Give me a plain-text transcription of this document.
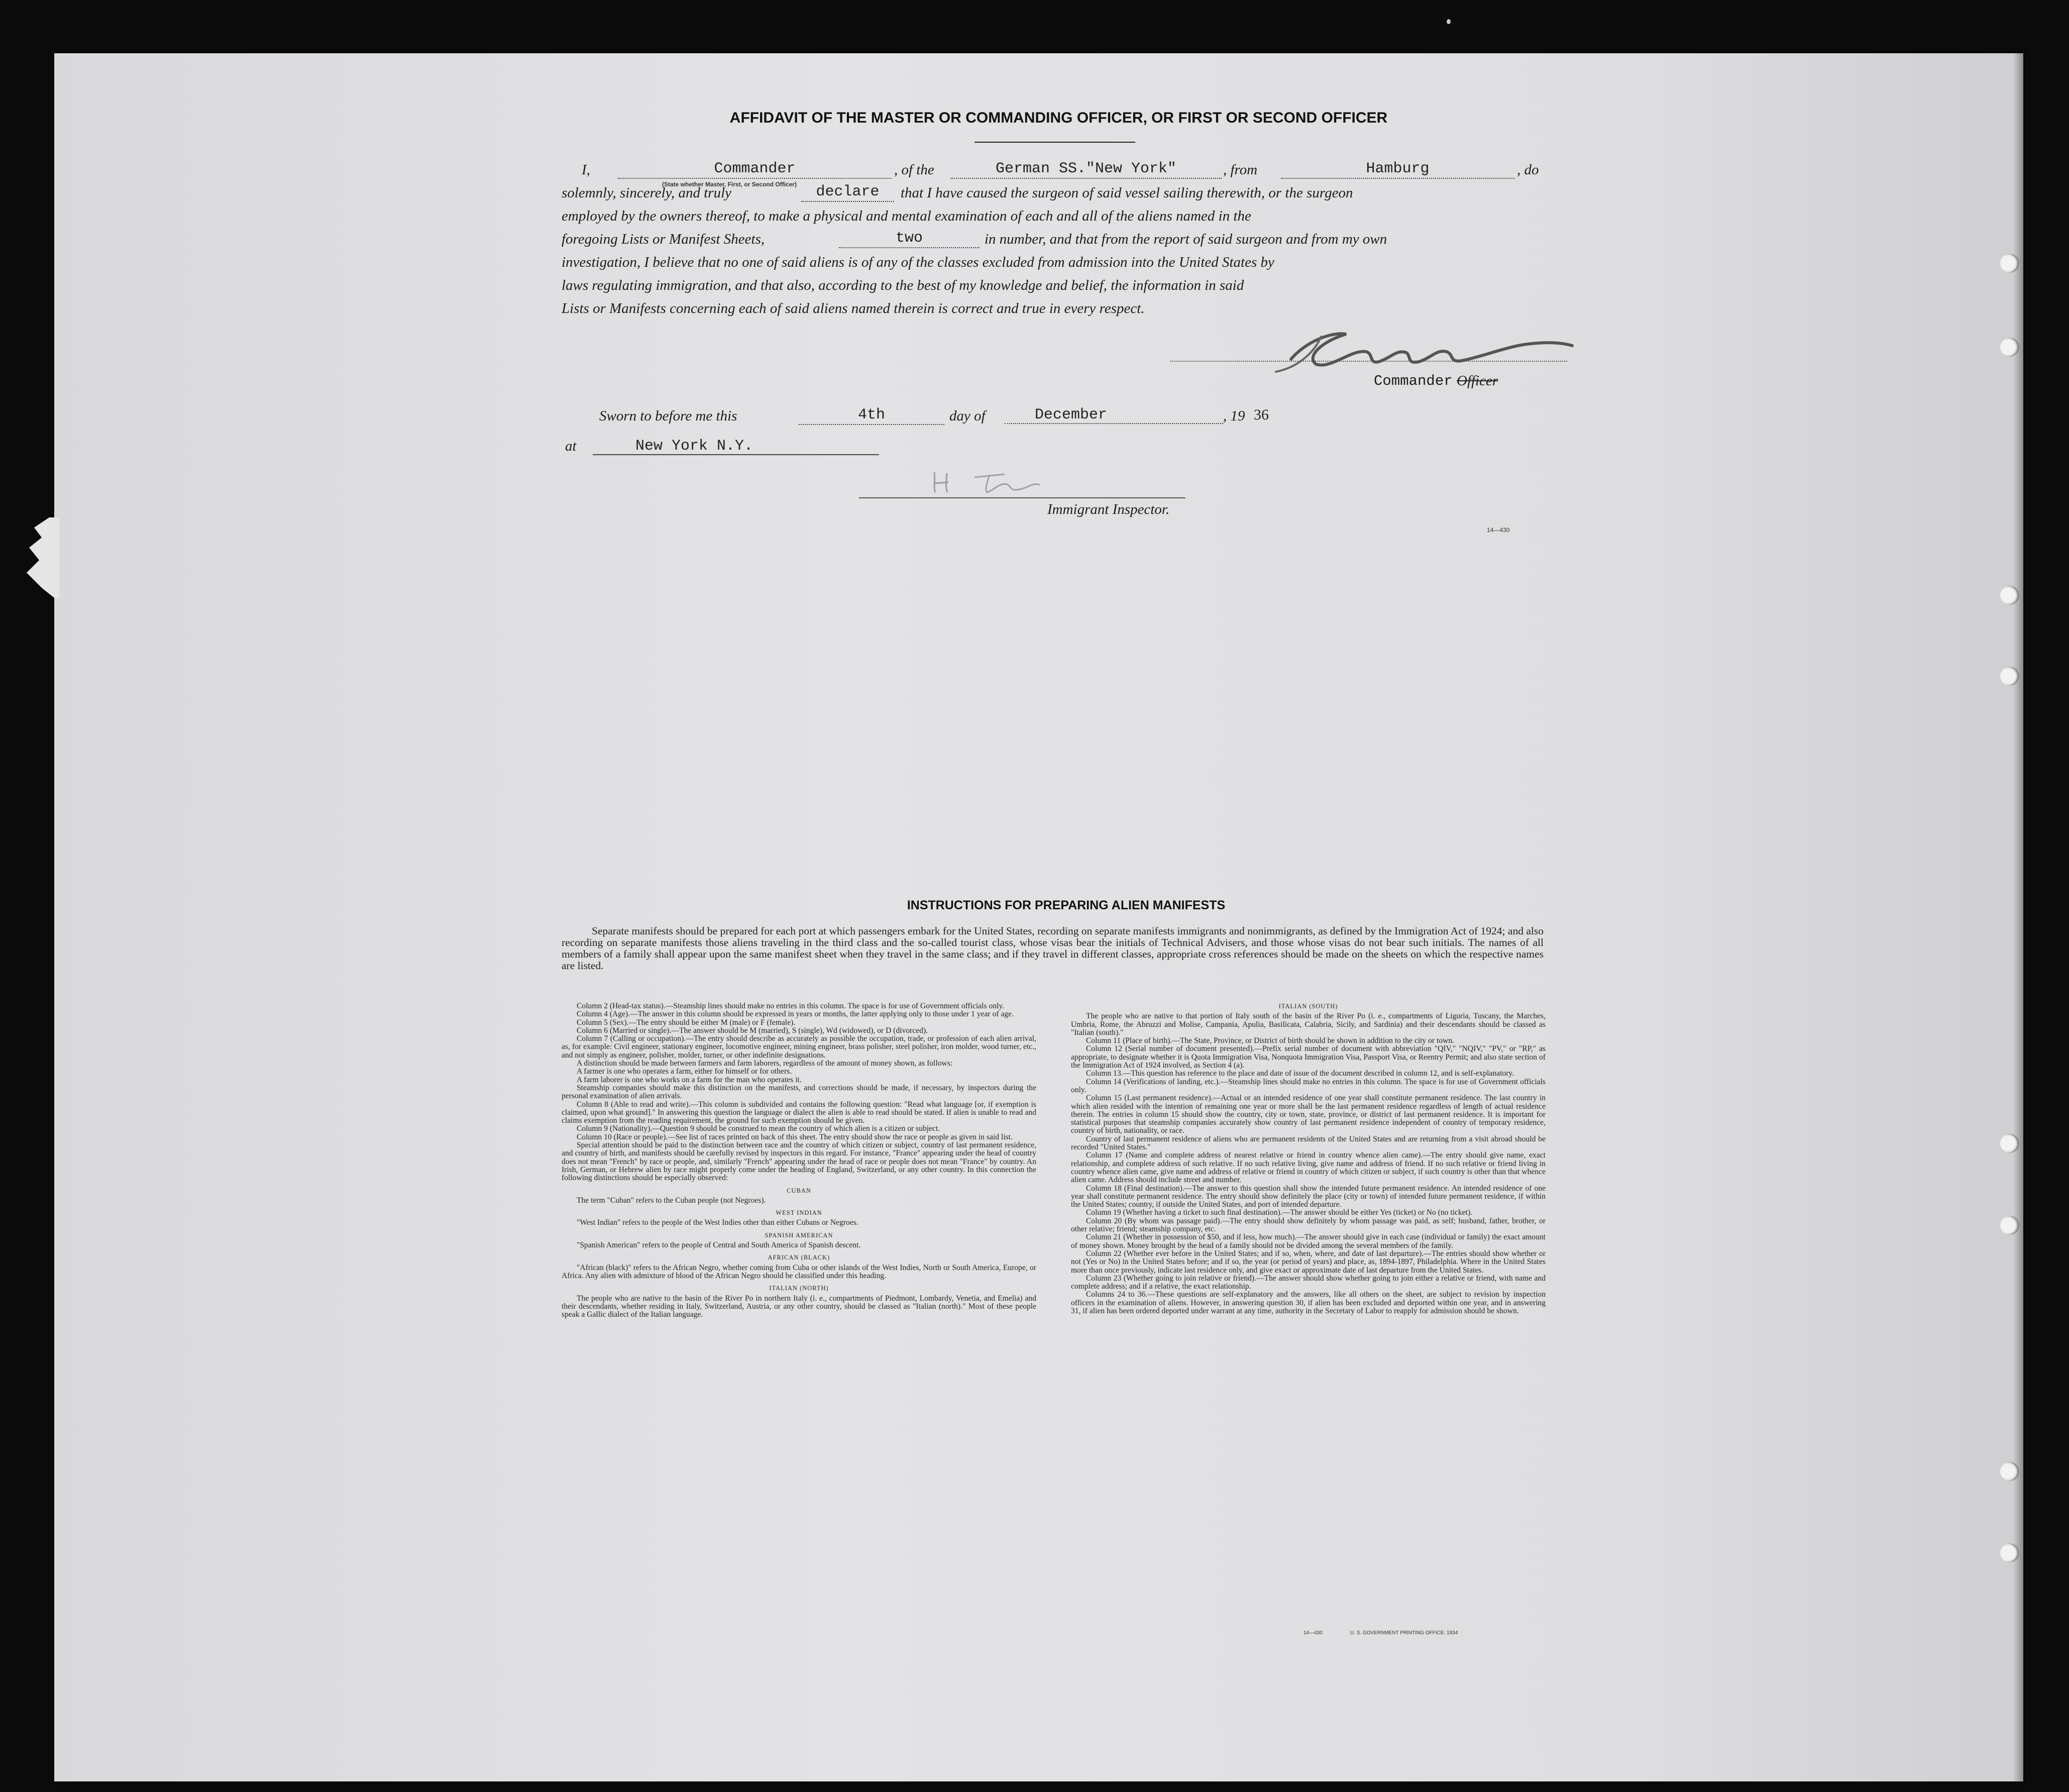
AFFIDAVIT OF THE MASTER OR COMMANDING OFFICER, OR FIRST OR SECOND OFFICER
I,	Commander
(State whether Master, First, or Second Officer)
, of the	German SS."New York"	, from	Hamburg	, do
solemnly, sincerely, and truly	declare	that I have caused the surgeon of said vessel sailing therewith, or the surgeon
employed by the owners thereof, to make a physical and mental examination of each and all of the aliens named in the
foregoing Lists or Manifest Sheets,	two	in number, and that from the report of said surgeon and from my own
investigation, I believe that no one of said aliens is of any of the classes excluded from admission into the United States by
laws regulating immigration, and that also, according to the best of my knowledge and belief, the information in said
Lists or Manifests concerning each of said aliens named therein is correct and true in every respect.
Commander Officer
Sworn to before me this	4th	day of	December	, 19 36
at	New York N.Y.
Immigrant Inspector.
14—430
INSTRUCTIONS FOR PREPARING ALIEN MANIFESTS
Separate manifests should be prepared for each port at which passengers embark for the United States, recording on separate manifests immigrants and nonimmigrants, as defined by the Immigration Act of 1924; and also recording on separate manifests those aliens traveling in the third class and the so-called tourist class, whose visas bear the initials of Technical Advisers, and those whose visas do not bear such initials. The names of all members of a family shall appear upon the same manifest sheet when they travel in the same class; and if they travel in different classes, appropriate cross references should be made on the sheets on which the respective names are listed.

Column 2 (Head-tax status).—Steamship lines should make no entries in this column. The space is for use of Government officials only.

Column 4 (Age).—The answer in this column should be expressed in years or months, the latter applying only to those under 1 year of age.

Column 5 (Sex).—The entry should be either M (male) or F (female).

Column 6 (Married or single).—The answer should be M (married), S (single), Wd (widowed), or D (divorced).

Column 7 (Calling or occupation).—The entry should describe as accurately as possible the occupation, trade, or profession of each alien arrival, as, for example: Civil engineer, stationary engineer, locomotive engineer, mining engineer, brass polisher, steel polisher, iron molder, wood turner, etc., and not simply as engineer, polisher, molder, turner, or other indefinite designations.

A distinction should be made between farmers and farm laborers, regardless of the amount of money shown, as follows:

A farmer is one who operates a farm, either for himself or for others.

A farm laborer is one who works on a farm for the man who operates it.

Steamship companies should make this distinction on the manifests, and corrections should be made, if necessary, by inspectors during the personal examination of alien arrivals.

Column 8 (Able to read and write).—This column is subdivided and contains the following question: "Read what language [or, if exemption is claimed, upon what ground]." In answering this question the language or dialect the alien is able to read should be stated. If alien is unable to read and claims exemption from the reading requirement, the ground for such exemption should be given.

Column 9 (Nationality).—Question 9 should be construed to mean the country of which alien is a citizen or subject.

Column 10 (Race or people).—See list of races printed on back of this sheet. The entry should show the race or people as given in said list.

Special attention should be paid to the distinction between race and the country of which citizen or subject, country of last permanent residence, and country of birth, and manifests should be carefully revised by inspectors in this regard. For instance, "France" appearing under the head of country does not mean "French" by race or people, and, similarly "French" appearing under the head of race or people does not mean "France" by country. An Irish, German, or Hebrew alien by race might properly come under the heading of England, Switzerland, or any other country. In this connection the following distinctions should be especially observed:

CUBAN

The term "Cuban" refers to the Cuban people (not Negroes).

WEST INDIAN

"West Indian" refers to the people of the West Indies other than either Cubans or Negroes.

SPANISH AMERICAN

"Spanish American" refers to the people of Central and South America of Spanish descent.

AFRICAN (BLACK)

"African (black)" refers to the African Negro, whether coming from Cuba or other islands of the West Indies, North or South America, Europe, or Africa. Any alien with admixture of blood of the African Negro should be classified under this heading.

ITALIAN (NORTH)

The people who are native to the basin of the River Po in northern Italy (i. e., compartments of Piedmont, Lombardy, Venetia, and Emelia) and their descendants, whether residing in Italy, Switzerland, Austria, or any other country, should be classed as "Italian (north)." Most of these people speak a Gallic dialect of the Italian language.

ITALIAN (SOUTH)

The people who are native to that portion of Italy south of the basin of the River Po (i. e., compartments of Liguria, Tuscany, the Marches, Umbria, Rome, the Abruzzi and Molise, Campania, Apulia, Basilicata, Calabria, Sicily, and Sardinia) and their descendants should be classed as "Italian (south)."

Column 11 (Place of birth).—The State, Province, or District of birth should be shown in addition to the city or town.

Column 12 (Serial number of document presented).—Prefix serial number of document with abbreviation "QIV," "NQIV," "PV," or "RP," as appropriate, to designate whether it is Quota Immigration Visa, Nonquota Immigration Visa, Passport Visa, or Reentry Permit; and also state section of the Immigration Act of 1924 involved, as Section 4 (a).

Column 13.—This question has reference to the place and date of issue of the document described in column 12, and is self-explanatory.

Column 14 (Verifications of landing, etc.).—Steamship lines should make no entries in this column. The space is for use of Government officials only.

Column 15 (Last permanent residence).—Actual or an intended residence of one year shall constitute permanent residence. The last country in which alien resided with the intention of remaining one year or more shall be the last permanent residence regardless of length of actual residence therein. The entries in column 15 should show the country, city or town, state, province, or district of last permanent residence. It is important for statistical purposes that steamship companies accurately show country of last permanent residence independent of country of temporary residence, country of birth, nationality, or race.

Country of last permanent residence of aliens who are permanent residents of the United States and are returning from a visit abroad should be recorded "United States."

Column 17 (Name and complete address of nearest relative or friend in country whence alien came).—The entry should give name, exact relationship, and complete address of such relative. If no such relative living, give name and address of friend. If no such relative or friend living in country whence alien came, give name and address of relative or friend in country of which citizen or subject, if such country is other than that whence alien came. Address should include street and number.

Column 18 (Final destination).—The answer to this question shall show the intended future permanent residence. An intended residence of one year shall constitute permanent residence. The entry should show definitely the place (city or town) of intended future permanent residence, if within the United States; country, if outside the United States, and port of intended departure.

Column 19 (Whether having a ticket to such final destination).—The answer should be either Yes (ticket) or No (no ticket).

Column 20 (By whom was passage paid).—The entry should show definitely by whom passage was paid, as self; husband, father, brother, or other relative; friend; steamship company, etc.

Column 21 (Whether in possession of $50, and if less, how much).—The answer should give in each case (individual or family) the exact amount of money shown. Money brought by the head of a family should not be divided among the several members of the family.

Column 22 (Whether ever before in the United States; and if so, when, where, and date of last departure).—The entries should show whether or not (Yes or No) in the United States before; and if so, the year (or period of years) and place, as, 1894-1897, Philadelphia. Where in the United States more than once previously, indicate last residence only, and give exact or approximate date of last departure from the United States.

Column 23 (Whether going to join relative or friend).—The answer should show whether going to join either a relative or friend, with name and complete address; and if a relative, the exact relationship.

Columns 24 to 36.—These questions are self-explanatory and the answers, like all others on the sheet, are subject to revision by inspection officers in the examination of aliens. However, in answering question 30, if alien has been excluded and deported within one year, and in answering 31, if alien has been ordered deported under warrant at any time, authority in the Secretary of Labor to reapply for admission should be shown.

14—430	U. S. GOVERNMENT PRINTING OFFICE: 1934
